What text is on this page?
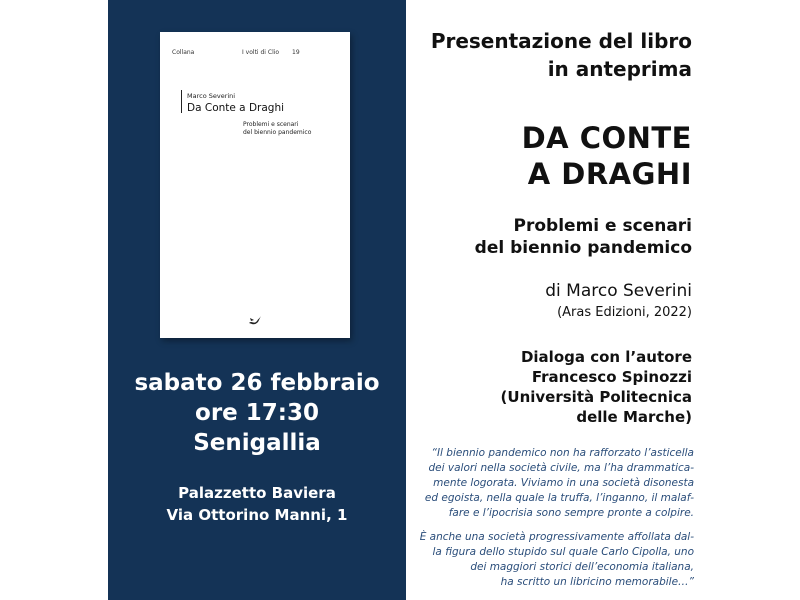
Collana	I volti di Clio 19
Marco Severini
Da Conte a Draghi
Problemi e scenari
del biennio pandemico
sabato 26 febbraio
ore 17:30
Senigallia
Palazzetto Baviera
Via Ottorino Manni, 1
Presentazione del libro
in anteprima
DA CONTE
A DRAGHI
Problemi e scenari
del biennio pandemico
di Marco Severini
(Aras Edizioni, 2022)
Dialoga con l’autore
Francesco Spinozzi
(Università Politecnica
delle Marche)
“Il biennio pandemico non ha rafforzato l’asticella
dei valori nella società civile, ma l’ha drammatica-
mente logorata. Viviamo in una società disonesta
ed egoista, nella quale la truffa, l’inganno, il malaf-
fare e l’ipocrisia sono sempre pronte a colpire.
È anche una società progressivamente affollata dal-
la figura dello stupido sul quale Carlo Cipolla, uno
dei maggiori storici dell’economia italiana,
ha scritto un libricino memorabile…”
